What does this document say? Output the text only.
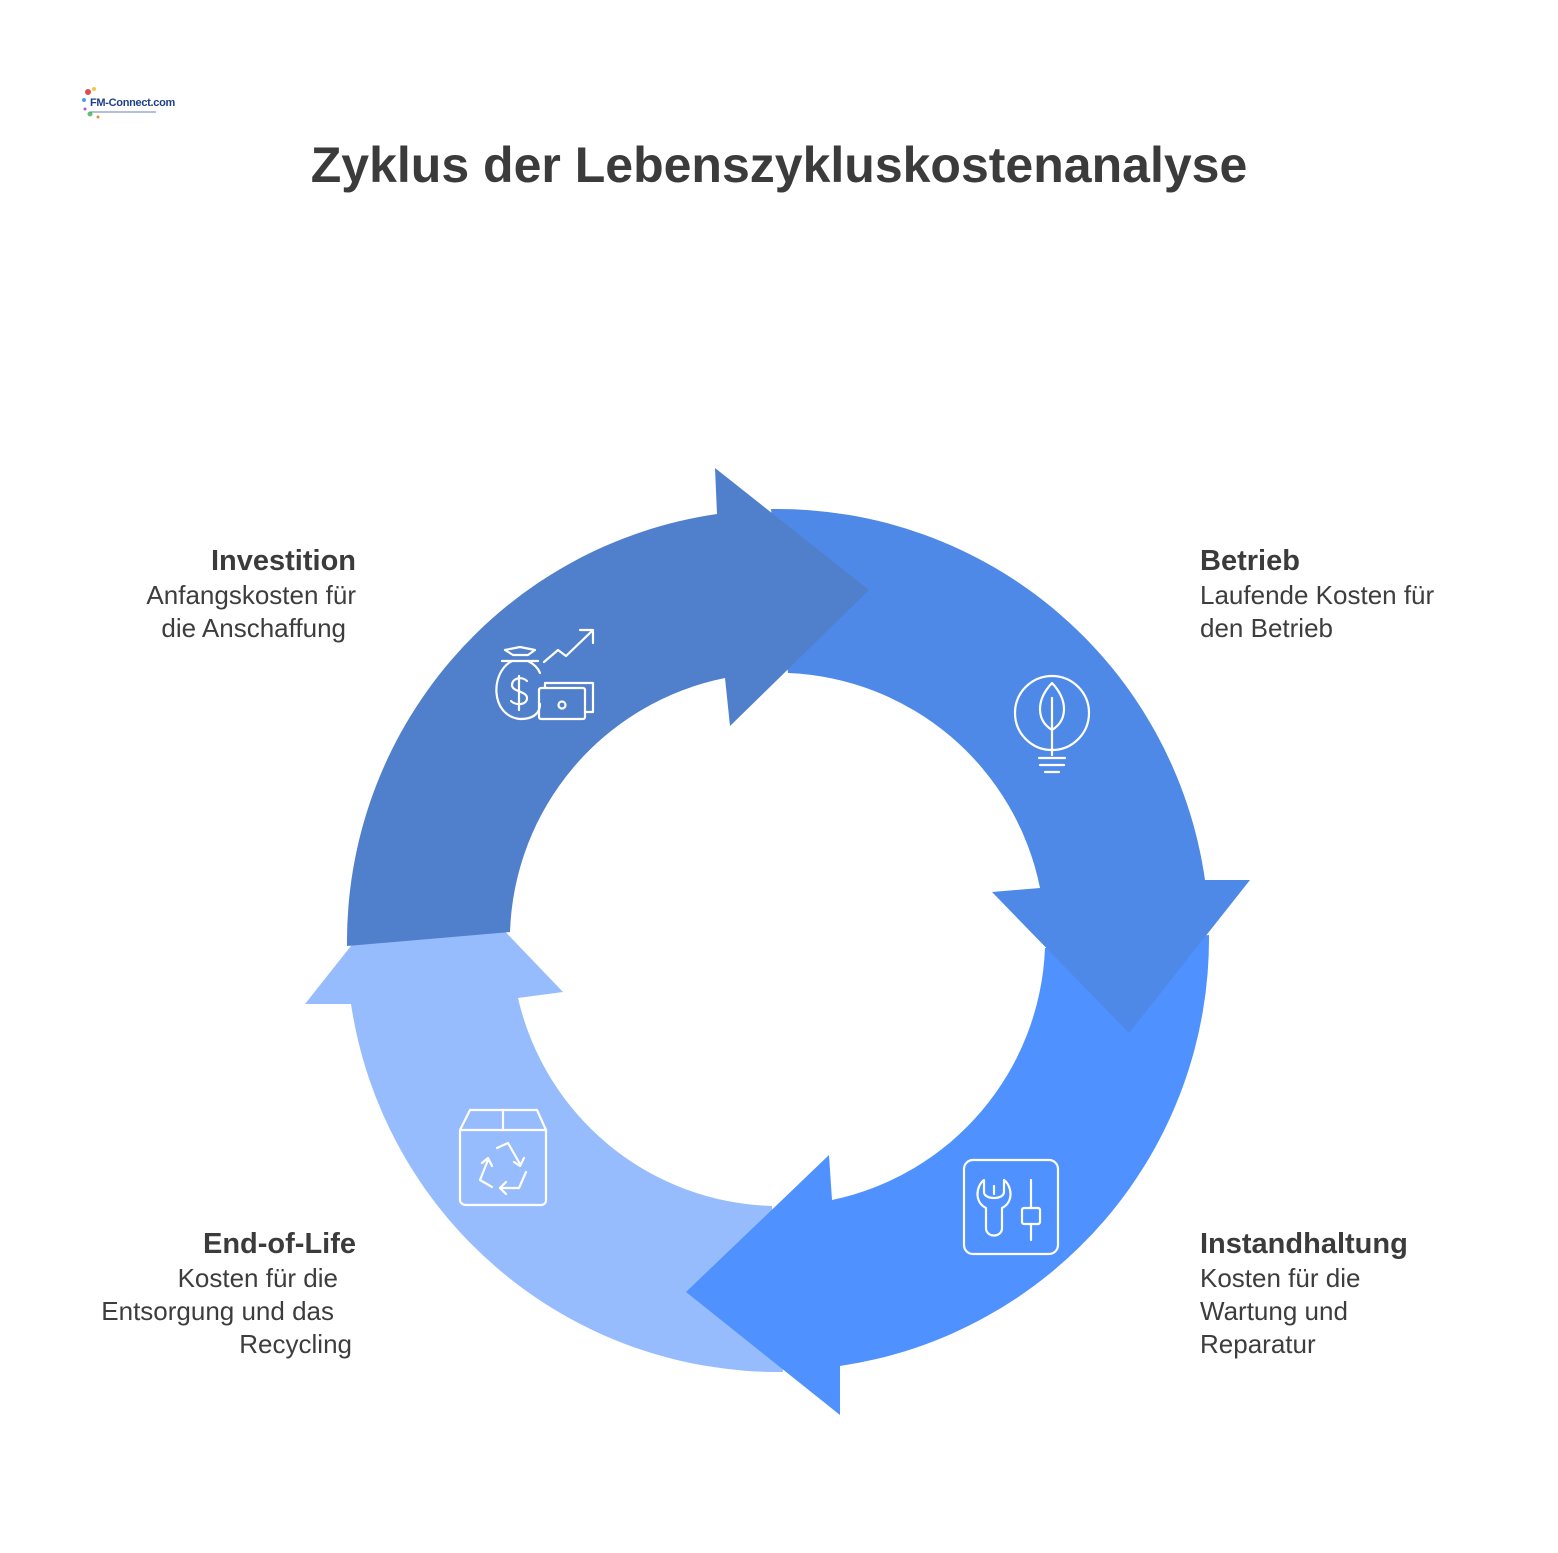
FM-Connect.com
Zyklus der Lebenszykluskostenanalyse
Investition
Anfangskosten für
die Anschaffung
Betrieb
Laufende Kosten für
den Betrieb
Instandhaltung
Kosten für die
Wartung und
Reparatur
End-of-Life
Kosten für die
Entsorgung und das
Recycling
